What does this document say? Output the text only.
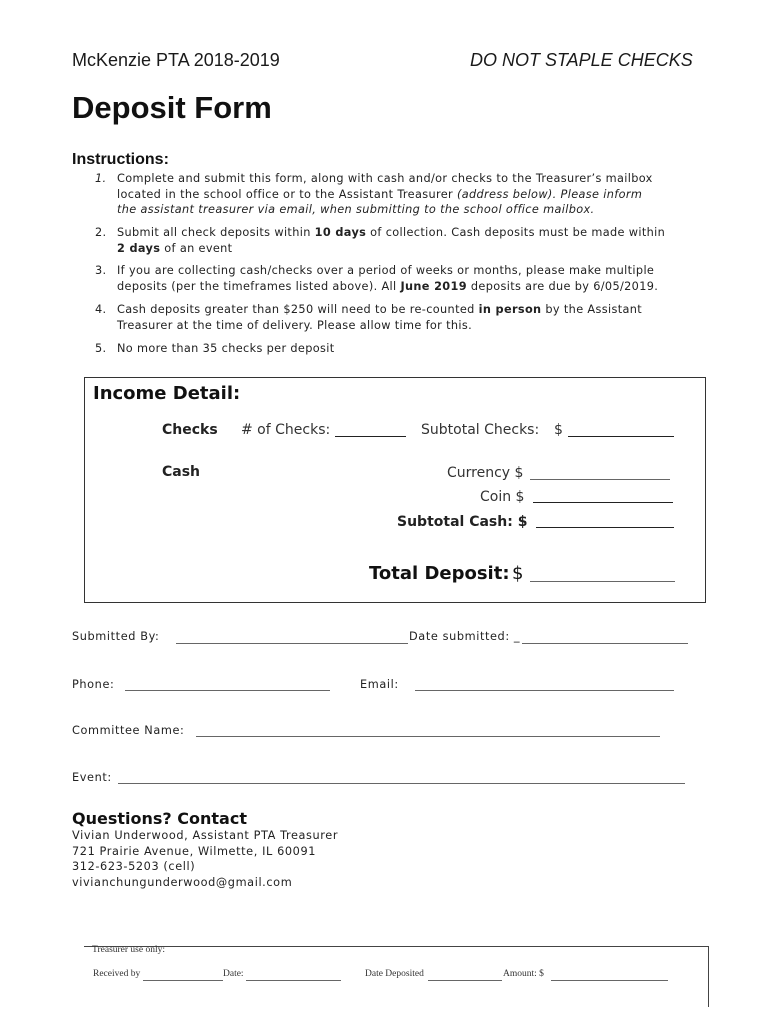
McKenzie PTA 2018-2019	DO NOT STAPLE CHECKS
Deposit Form
Instructions:
1. Complete and submit this form, along with cash and/or checks to the Treasurer’s mailbox
located in the school office or to the Assistant Treasurer (address below). Please inform
the assistant treasurer via email, when submitting to the school office mailbox.
2. Submit all check deposits within 10 days of collection. Cash deposits must be made within
2 days of an event
3. If you are collecting cash/checks over a period of weeks or months, please make multiple
deposits (per the timeframes listed above). All June 2019 deposits are due by 6/05/2019.
4. Cash deposits greater than $250 will need to be re-counted in person by the Assistant
Treasurer at the time of delivery. Please allow time for this.
5. No more than 35 checks per deposit
Income Detail:
Checks # of Checks:	Subtotal Checks: $
Cash	Currency $
Coin $
Subtotal Cash: $
Total Deposit: $
Submitted By:	Date submitted: _
Phone:	Email:
Committee Name:
Event:
Questions? Contact
Vivian Underwood, Assistant PTA Treasurer
721 Prairie Avenue, Wilmette, IL 60091
312-623-5203 (cell)
vivianchungunderwood@gmail.com
Treasurer use only:
Received by	Date:	Date Deposited	Amount: $
